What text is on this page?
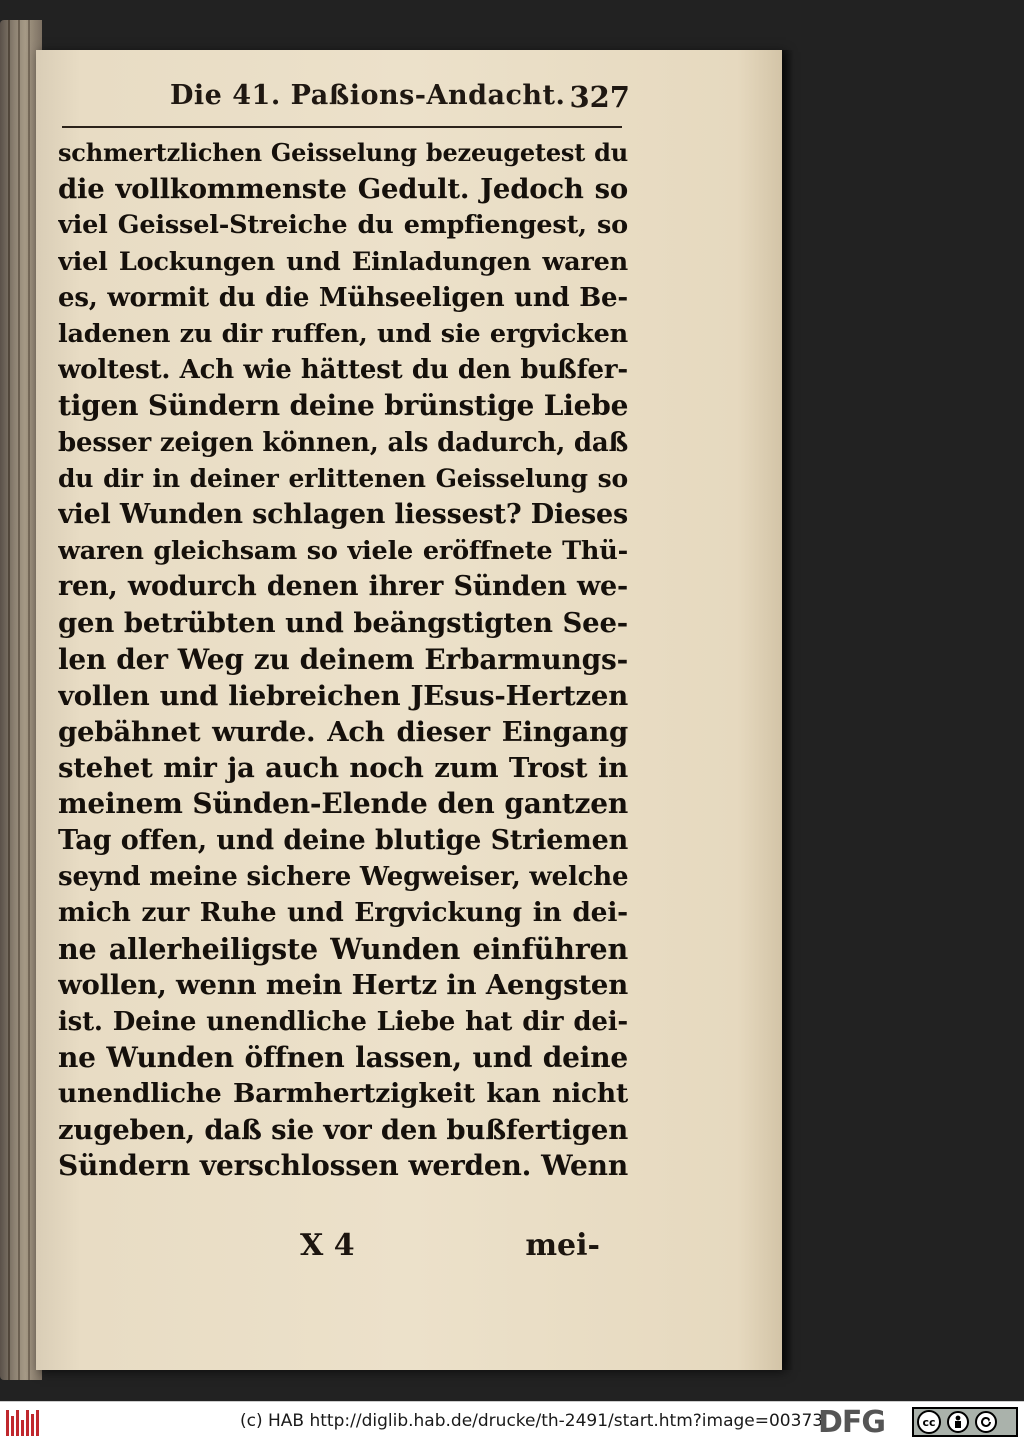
Die 41. Paßions-Andacht. 327
schmertzlichen Geisselung bezeugetest du
die vollkommenste Gedult. Jedoch so
viel Geissel-Streiche du empfiengest, so
viel Lockungen und Einladungen waren
es, wormit du die Mühseeligen und Be-
ladenen zu dir ruffen, und sie ergvicken
woltest. Ach wie hättest du den bußfer-
tigen Sündern deine brünstige Liebe
besser zeigen können, als dadurch, daß
du dir in deiner erlittenen Geisselung so
viel Wunden schlagen liessest? Dieses
waren gleichsam so viele eröffnete Thü-
ren, wodurch denen ihrer Sünden we-
gen betrübten und beängstigten See-
len der Weg zu deinem Erbarmungs-
vollen und liebreichen JEsus-Hertzen
gebähnet wurde. Ach dieser Eingang
stehet mir ja auch noch zum Trost in
meinem Sünden-Elende den gantzen
Tag offen, und deine blutige Striemen
seynd meine sichere Wegweiser, welche
mich zur Ruhe und Ergvickung in dei-
ne allerheiligste Wunden einführen
wollen, wenn mein Hertz in Aengsten
ist. Deine unendliche Liebe hat dir dei-
ne Wunden öffnen lassen, und deine
unendliche Barmhertzigkeit kan nicht
zugeben, daß sie vor den bußfertigen
Sündern verschlossen werden. Wenn
X 4	mei-
(c) HAB http://diglib.hab.de/drucke/th-2491/start.htm?image=00373
DFG	cc
